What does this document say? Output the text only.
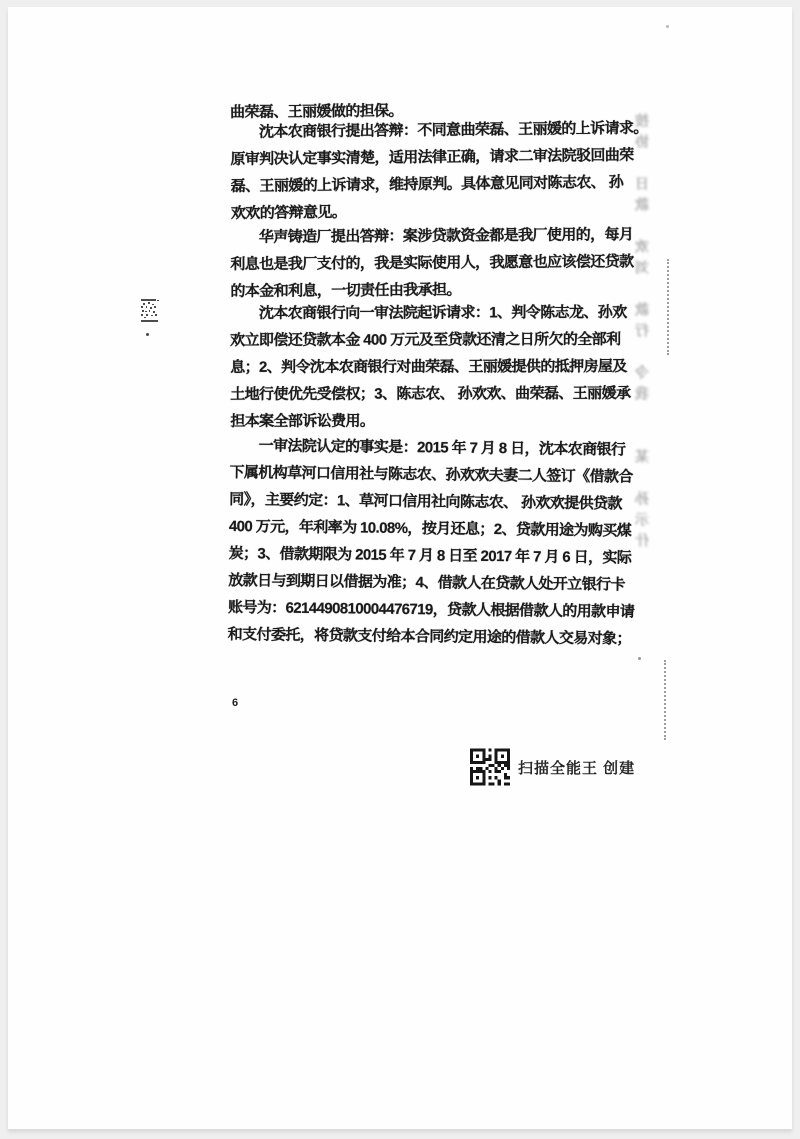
曲荣磊、王丽媛做的担保。
　　沈本农商银行提出答辩：不同意曲荣磊、王丽媛的上诉请求。
原审判决认定事实清楚，适用法律正确，请求二审法院驳回曲荣
磊、王丽媛的上诉请求，维持原判。具体意见同对陈志农、 孙
欢欢的答辩意见。
　　华声铸造厂提出答辩：案涉贷款资金都是我厂使用的，每月
利息也是我厂支付的，我是实际使用人，我愿意也应该偿还贷款
的本金和利息，一切责任由我承担。
　　沈本农商银行向一审法院起诉请求：1、判令陈志龙、孙欢
欢立即偿还贷款本金 400 万元及至贷款还清之日所欠的全部利
息；2、判令沈本农商银行对曲荣磊、王丽媛提供的抵押房屋及
土地行使优先受偿权；3、陈志农、 孙欢欢、曲荣磊、王丽媛承
担本案全部诉讼费用。
　　一审法院认定的事实是：2015 年 7 月 8 日，沈本农商银行
下属机构草河口信用社与陈志农、孙欢欢夫妻二人签订《借款合
同》，主要约定：1、草河口信用社向陈志农、 孙欢欢提供贷款
400 万元，年利率为 10.08%，按月还息；2、贷款用途为购买煤
炭；3、借款期限为 2015 年 7 月 8 日至 2017 年 7 月 6 日，实际
放款日与到期日以借据为准；4、借款人在贷款人处开立银行卡
账号为：6214490810004476719，贷款人根据借款人的用款申请
和支付委托，将贷款支付给本合同约定用途的借款人交易对象；
6
按协　日款　欢刘　款行　令我　　某　孙示什
扫描全能王 创建
